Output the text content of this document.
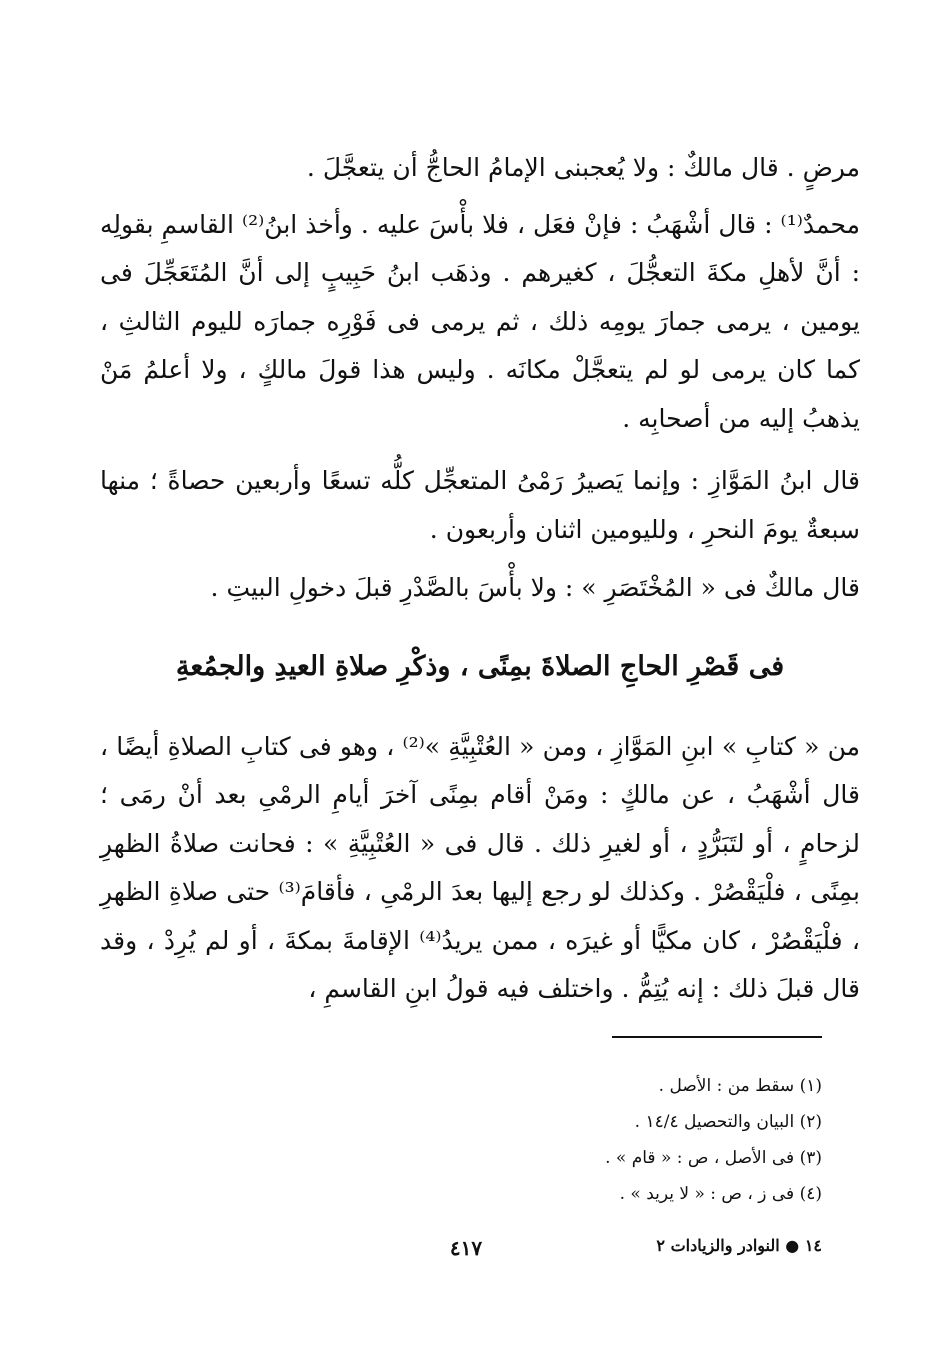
مرضٍ . قال مالكٌ : ولا يُعجبنى الإمامُ الحاجُّ أن يتعجَّلَ .

محمدٌ⁽¹⁾ : قال أشْهَبُ : فإنْ فعَل ، فلا بأْسَ عليه . وأخذ ابنُ⁽²⁾ القاسمِ بقولِه : أنَّ لأهلِ مكةَ التعجُّلَ ، كغيرهم . وذهَب ابنُ حَبِيبٍ إلى أنَّ المُتَعَجِّلَ فى يومين ، يرمى جمارَ يومِه ذلك ، ثم يرمى فى فَوْرِه جمارَه لليوم الثالثِ ، كما كان يرمى لو لم يتعجَّلْ مكانَه . وليس هذا قولَ مالكٍ ، ولا أعلمُ مَنْ يذهبُ إليه من أصحابِه .

قال ابنُ المَوَّازِ : وإنما يَصيرُ رَمْىُ المتعجِّل كلُّه تسعًا وأربعين حصاةً ؛ منها سبعةٌ يومَ النحرِ ، ولليومين اثنان وأربعون .

قال مالكٌ فى « المُخْتَصَرِ » : ولا بأْسَ بالصَّدْرِ قبلَ دخولِ البيتِ .

فى قَصْرِ الحاجِ الصلاةَ بمِنًى ، وذكْرِ صلاةِ العيدِ والجمُعةِ

من « كتابِ » ابنِ المَوَّازِ ، ومن « العُتْبِيَّةِ »⁽²⁾ ، وهو فى كتابِ الصلاةِ أيضًا ، قال أشْهَبُ ، عن مالكٍ : ومَنْ أقام بمِنًى آخرَ أيامِ الرمْىِ بعد أنْ رمَى ؛ لزحامٍ ، أو لتَبَرُّدٍ ، أو لغيرِ ذلك . قال فى « العُتْبِيَّةِ » : فحانت صلاةُ الظهرِ بمِنًى ، فلْيَقْصُرْ . وكذلك لو رجع إليها بعدَ الرمْىِ ، فأقامَ⁽³⁾ حتى صلاةِ الظهرِ ، فلْيَقْصُرْ ، كان مكيًّا أو غيرَه ، ممن يريدُ⁽⁴⁾ الإقامةَ بمكةَ ، أو لم يُرِدْ ، وقد قال قبلَ ذلك : إنه يُتِمُّ . واختلف فيه قولُ ابنِ القاسمِ ،

(١) سقط من : الأصل .

(٢) البيان والتحصيل ١٤/٤ .

(٣) فى الأصل ، ص : « قام » .

(٤) فى ز ، ص : « لا يريد » .

٤١٧	١٤ ● النوادر والزيادات ٢
